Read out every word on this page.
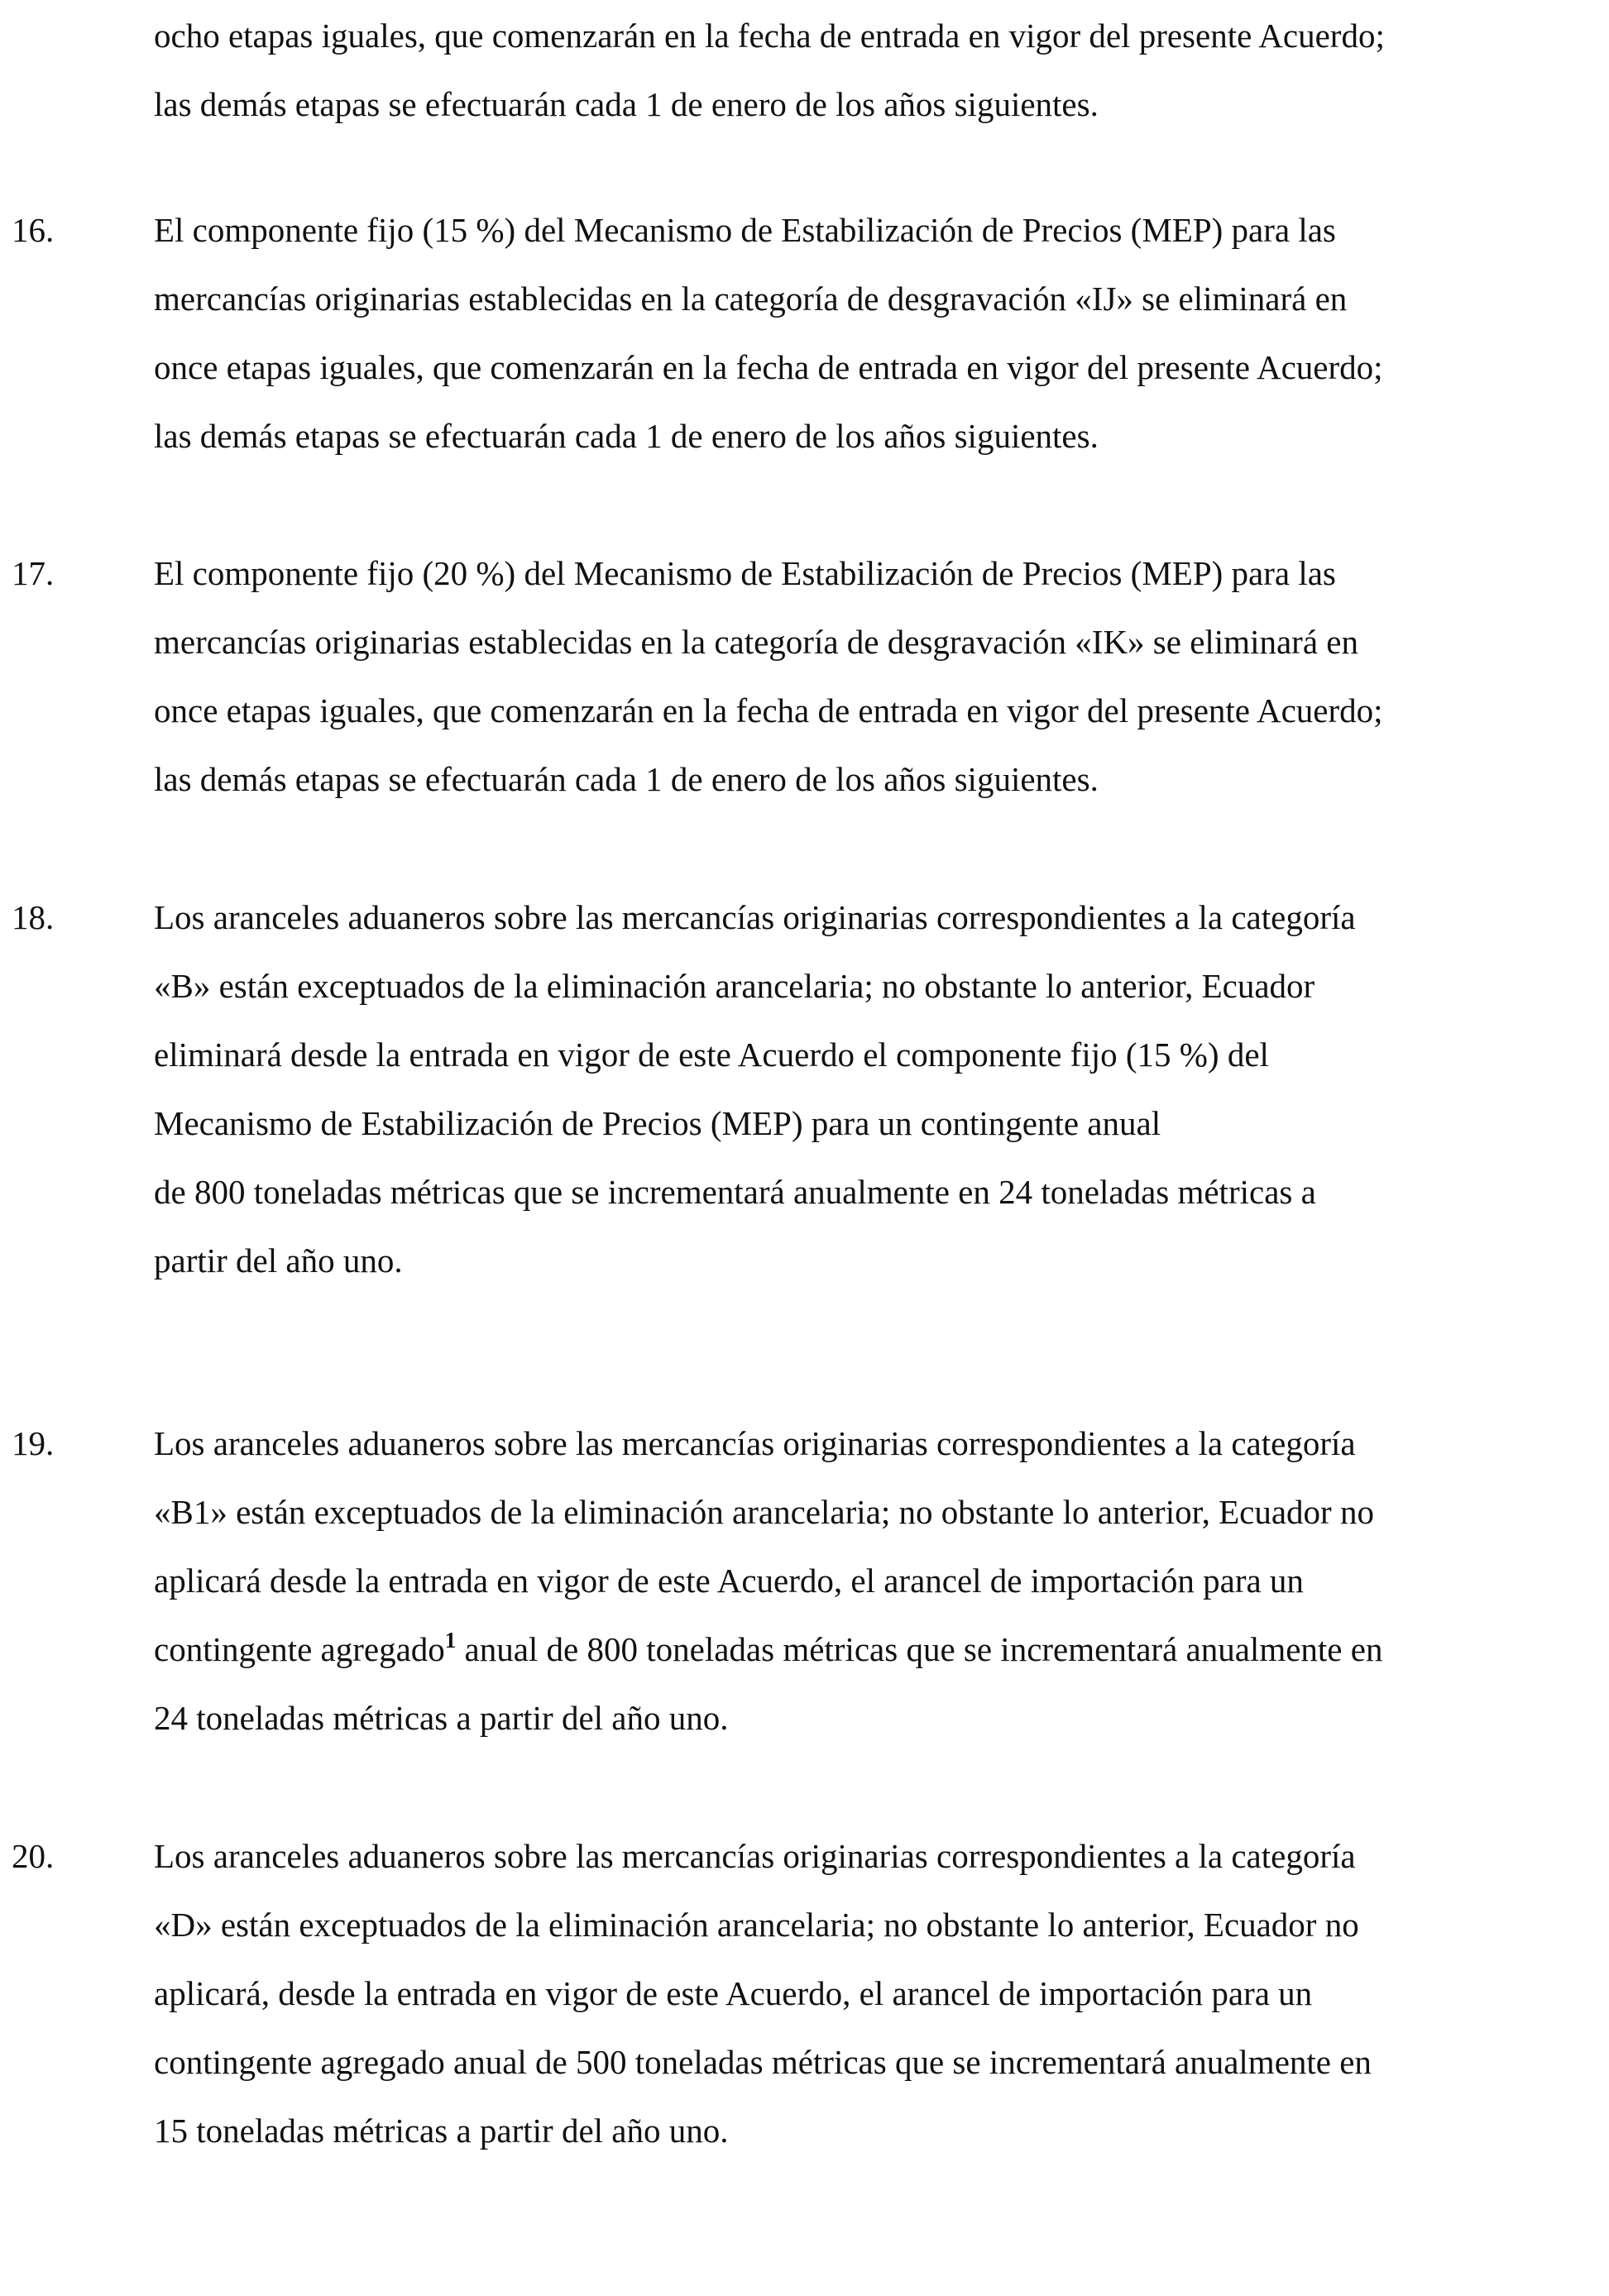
ocho etapas iguales, que comenzarán en la fecha de entrada en vigor del presente Acuerdo;
las demás etapas se efectuarán cada 1 de enero de los años siguientes.
16.	El componente fijo (15 %) del Mecanismo de Estabilización de Precios (MEP) para las
mercancías originarias establecidas en la categoría de desgravación «IJ» se eliminará en
once etapas iguales, que comenzarán en la fecha de entrada en vigor del presente Acuerdo;
las demás etapas se efectuarán cada 1 de enero de los años siguientes.
17.	El componente fijo (20 %) del Mecanismo de Estabilización de Precios (MEP) para las
mercancías originarias establecidas en la categoría de desgravación «IK» se eliminará en
once etapas iguales, que comenzarán en la fecha de entrada en vigor del presente Acuerdo;
las demás etapas se efectuarán cada 1 de enero de los años siguientes.
18.	Los aranceles aduaneros sobre las mercancías originarias correspondientes a la categoría
«B» están exceptuados de la eliminación arancelaria; no obstante lo anterior, Ecuador
eliminará desde la entrada en vigor de este Acuerdo el componente fijo (15 %) del
Mecanismo de Estabilización de Precios (MEP) para un contingente anual
de 800 toneladas métricas que se incrementará anualmente en 24 toneladas métricas a
partir del año uno.
19.	Los aranceles aduaneros sobre las mercancías originarias correspondientes a la categoría
«B1» están exceptuados de la eliminación arancelaria; no obstante lo anterior, Ecuador no
aplicará desde la entrada en vigor de este Acuerdo, el arancel de importación para un
contingente agregado$^1$ anual de 800 toneladas métricas que se incrementará anualmente en
24 toneladas métricas a partir del año uno.
20.	Los aranceles aduaneros sobre las mercancías originarias correspondientes a la categoría
«D» están exceptuados de la eliminación arancelaria; no obstante lo anterior, Ecuador no
aplicará, desde la entrada en vigor de este Acuerdo, el arancel de importación para un
contingente agregado anual de 500 toneladas métricas que se incrementará anualmente en
15 toneladas métricas a partir del año uno.
